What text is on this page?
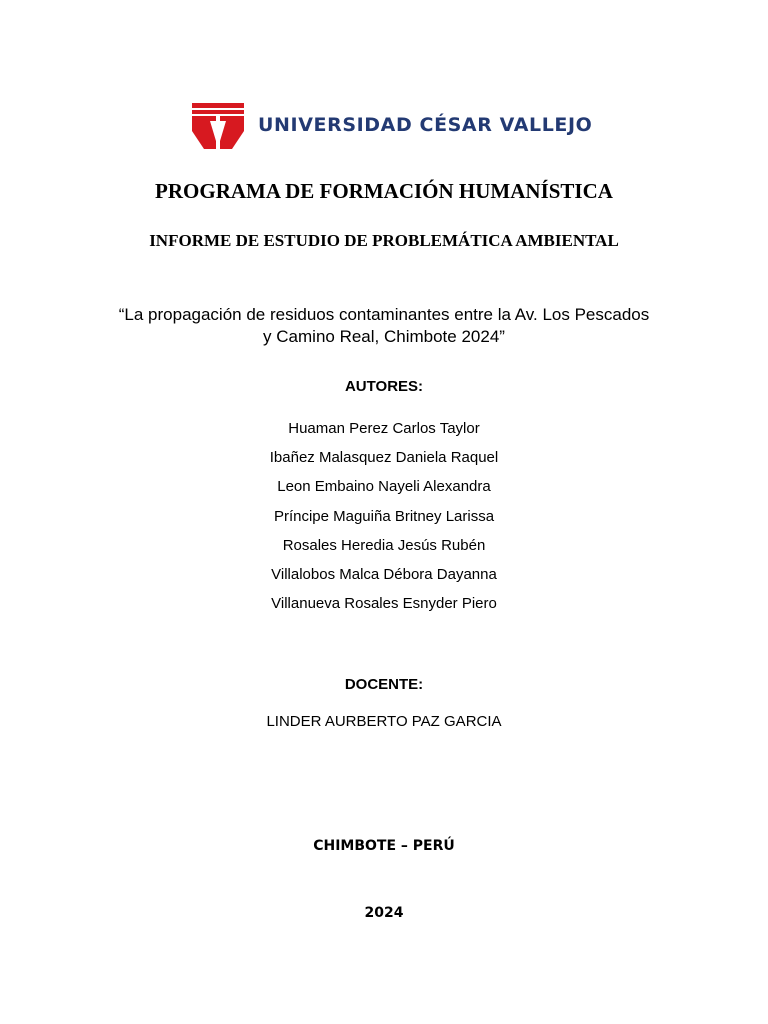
UNIVERSIDAD CÉSAR VALLEJO
PROGRAMA DE FORMACIÓN HUMANÍSTICA
INFORME DE ESTUDIO DE PROBLEMÁTICA AMBIENTAL
“La propagación de residuos contaminantes entre la Av. Los Pescados
y Camino Real, Chimbote 2024”
AUTORES:
Huaman Perez Carlos Taylor
Ibañez Malasquez Daniela Raquel
Leon Embaino Nayeli Alexandra
Príncipe Maguiña Britney Larissa
Rosales Heredia Jesús Rubén
Villalobos Malca Débora Dayanna
Villanueva Rosales Esnyder Piero
DOCENTE:
LINDER AURBERTO PAZ GARCIA
CHIMBOTE – PERÚ
2024
